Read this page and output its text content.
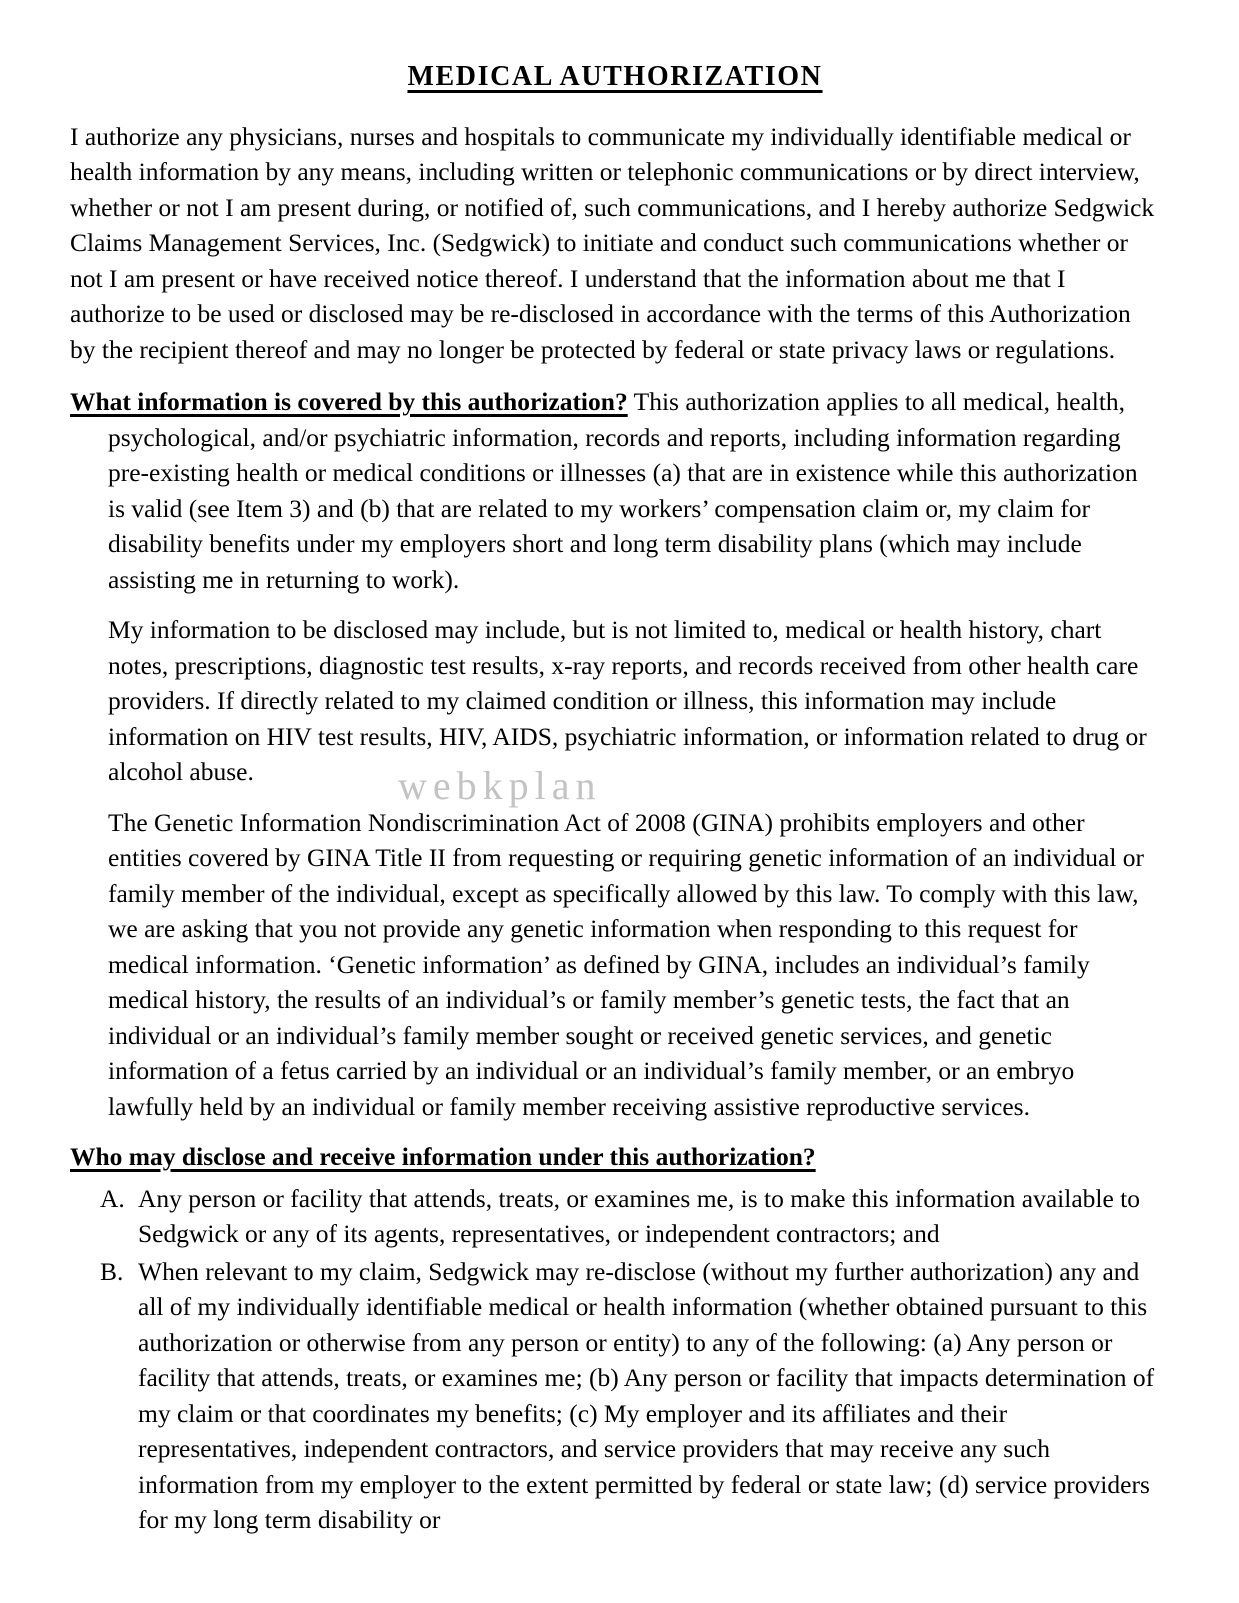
MEDICAL AUTHORIZATION

I authorize any physicians, nurses and hospitals to communicate my individually identifiable medical or health information by any means, including written or telephonic communications or by direct interview, whether or not I am present during, or notified of, such communications, and I hereby authorize Sedgwick Claims Management Services, Inc. (Sedgwick) to initiate and conduct such communications whether or not I am present or have received notice thereof. I understand that the information about me that I authorize to be used or disclosed may be re-disclosed in accordance with the terms of this Authorization by the recipient thereof and may no longer be protected by federal or state privacy laws or regulations.

What information is covered by this authorization? This authorization applies to all medical, health, psychological, and/or psychiatric information, records and reports, including information regarding pre-existing health or medical conditions or illnesses (a) that are in existence while this authorization is valid (see Item 3) and (b) that are related to my workers’ compensation claim or, my claim for disability benefits under my employers short and long term disability plans (which may include assisting me in returning to work).

My information to be disclosed may include, but is not limited to, medical or health history, chart notes, prescriptions, diagnostic test results, x-ray reports, and records received from other health care providers. If directly related to my claimed condition or illness, this information may include information on HIV test results, HIV, AIDS, psychiatric information, or information related to drug or alcohol abuse.

The Genetic Information Nondiscrimination Act of 2008 (GINA) prohibits employers and other entities covered by GINA Title II from requesting or requiring genetic information of an individual or family member of the individual, except as specifically allowed by this law. To comply with this law, we are asking that you not provide any genetic information when responding to this request for medical information. ‘Genetic information’ as defined by GINA, includes an individual’s family medical history, the results of an individual’s or family member’s genetic tests, the fact that an individual or an individual’s family member sought or received genetic services, and genetic information of a fetus carried by an individual or an individual’s family member, or an embryo lawfully held by an individual or family member receiving assistive reproductive services.

Who may disclose and receive information under this authorization?
A. Any person or facility that attends, treats, or examines me, is to make this information available to Sedgwick or any of its agents, representatives, or independent contractors; and
B. When relevant to my claim, Sedgwick may re-disclose (without my further authorization) any and all of my individually identifiable medical or health information (whether obtained pursuant to this authorization or otherwise from any person or entity) to any of the following: (a) Any person or facility that attends, treats, or examines me; (b) Any person or facility that impacts determination of my claim or that coordinates my benefits; (c) My employer and its affiliates and their representatives, independent contractors, and service providers that may receive any such information from my employer to the extent permitted by federal or state law; (d) service providers for my long term disability or
webkplan
